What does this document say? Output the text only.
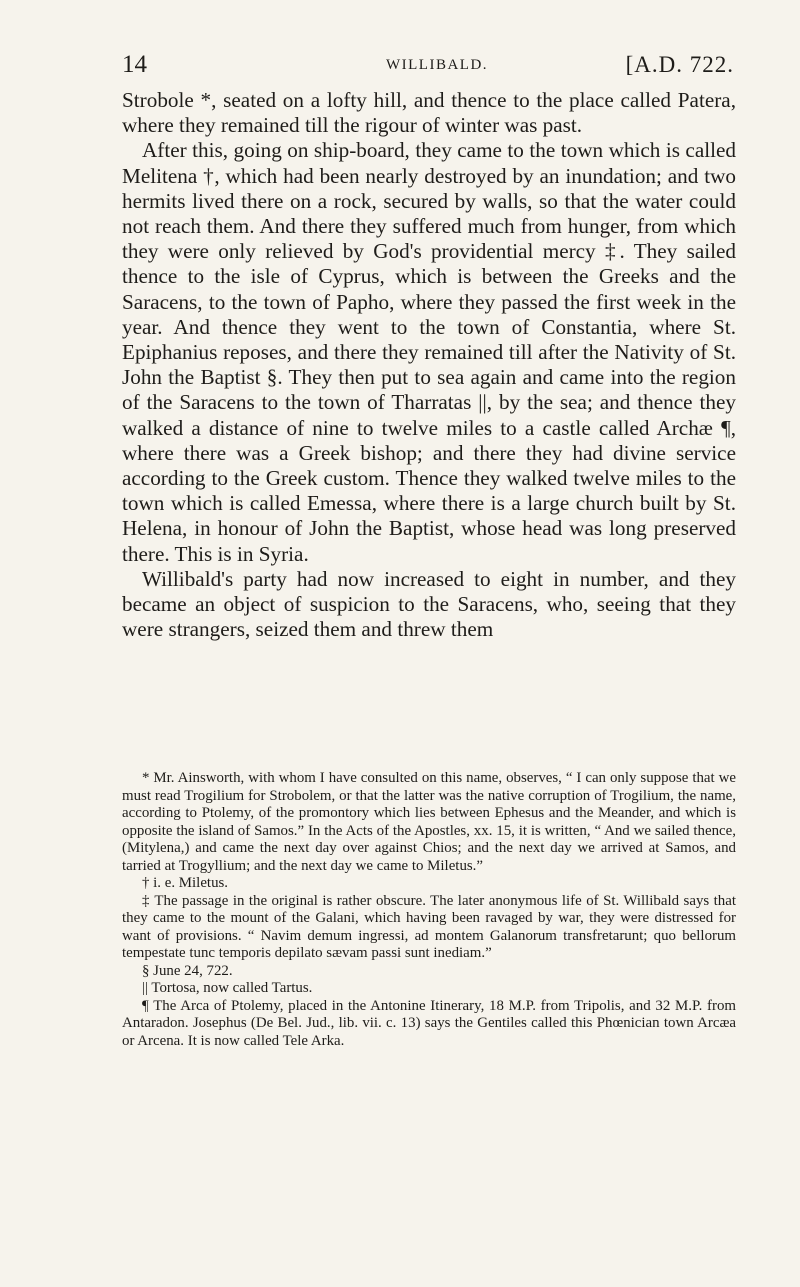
14	WILLIBALD.	[A.D. 722.

Strobole *, seated on a lofty hill, and thence to the place called Patera, where they remained till the rigour of winter was past.

After this, going on ship-board, they came to the town which is called Melitena †, which had been nearly destroyed by an inundation; and two hermits lived there on a rock, secured by walls, so that the water could not reach them. And there they suffered much from hunger, from which they were only relieved by God's providential mercy ‡. They sailed thence to the isle of Cyprus, which is between the Greeks and the Saracens, to the town of Papho, where they passed the first week in the year. And thence they went to the town of Constantia, where St. Epiphanius reposes, and there they remained till after the Nativity of St. John the Baptist §. They then put to sea again and came into the region of the Saracens to the town of Tharratas ||, by the sea; and thence they walked a distance of nine to twelve miles to a castle called Archæ ¶, where there was a Greek bishop; and there they had divine service according to the Greek custom. Thence they walked twelve miles to the town which is called Emessa, where there is a large church built by St. Helena, in honour of John the Baptist, whose head was long preserved there. This is in Syria.

Willibald's party had now increased to eight in number, and they became an object of suspicion to the Saracens, who, seeing that they were strangers, seized them and threw them

* Mr. Ainsworth, with whom I have consulted on this name, observes, “ I can only suppose that we must read Trogilium for Strobolem, or that the latter was the native corruption of Trogilium, the name, according to Ptolemy, of the promontory which lies between Ephesus and the Meander, and which is opposite the island of Samos.” In the Acts of the Apostles, xx. 15, it is written, “ And we sailed thence, (Mitylena,) and came the next day over against Chios; and the next day we arrived at Samos, and tarried at Trogyllium; and the next day we came to Miletus.”

† i. e. Miletus.

‡ The passage in the original is rather obscure. The later anonymous life of St. Willibald says that they came to the mount of the Galani, which having been ravaged by war, they were distressed for want of provisions. “ Navim demum ingressi, ad montem Galanorum transfretarunt; quo bellorum tempestate tunc temporis depilato sævam passi sunt inediam.”

§ June 24, 722.

|| Tortosa, now called Tartus.

¶ The Arca of Ptolemy, placed in the Antonine Itinerary, 18 M.P. from Tripolis, and 32 M.P. from Antaradon. Josephus (De Bel. Jud., lib. vii. c. 13) says the Gentiles called this Phœnician town Arcæa or Arcena. It is now called Tele Arka.
